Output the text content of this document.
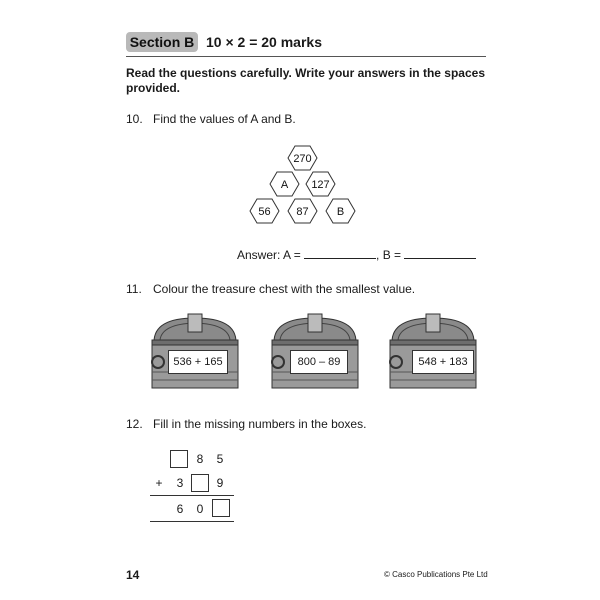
Section B 10 × 2 = 20 marks
Read the questions carefully. Write your answers in the spaces provided.
10. Find the values of A and B.
270
A 127
56 87	B
Answer: A =	, B =
11. Colour the treasure chest with the smallest value.
536 + 165	800 – 89	548 + 183
12. Fill in the missing numbers in the boxes.
8 5
+ 3	9
6 0
14	© Casco Publications Pte Ltd
